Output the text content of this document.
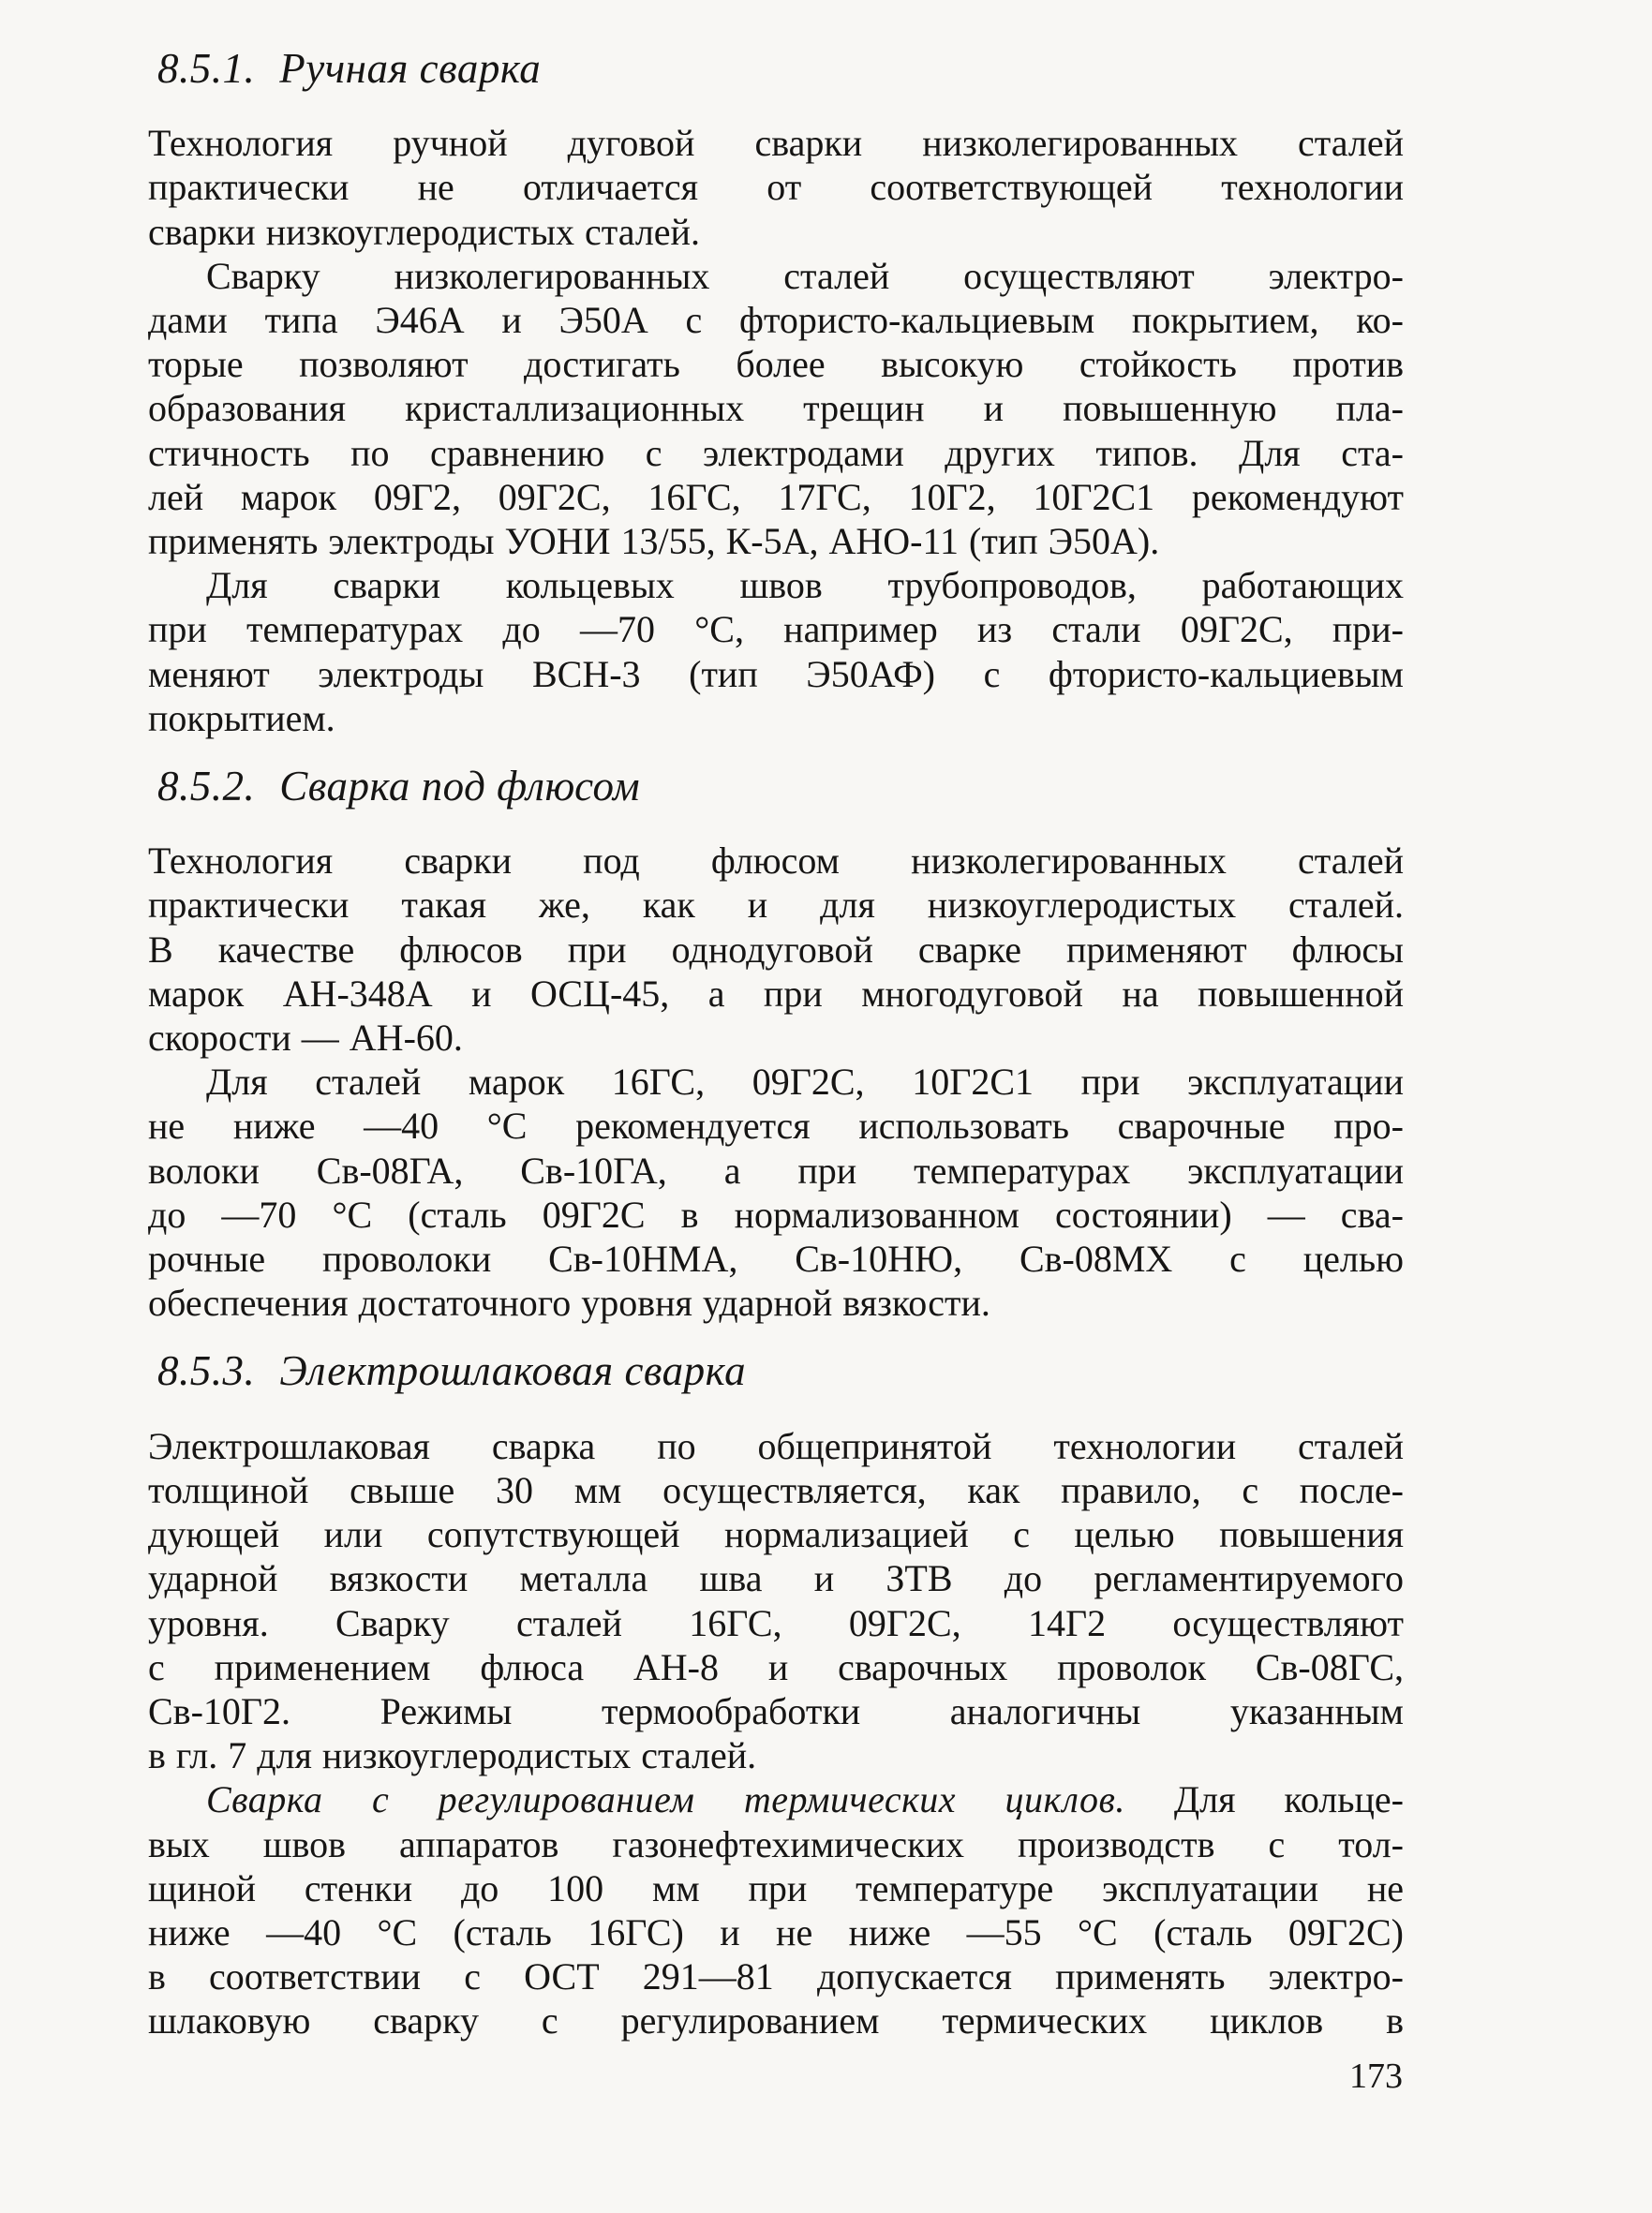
8.5.1. Ручная сварка
Технология ручной дуговой сварки низколегированных сталей
практически не отличается от соответствующей технологии
сварки низкоуглеродистых сталей.
Сварку низколегированных сталей осуществляют электро-
дами типа Э46А и Э50А с фтористо-кальциевым покрытием, ко-
торые позволяют достигать более высокую стойкость против
образования кристаллизационных трещин и повышенную пла-
стичность по сравнению с электродами других типов. Для ста-
лей марок 09Г2, 09Г2С, 16ГС, 17ГС, 10Г2, 10Г2С1 рекомендуют
применять электроды УОНИ 13/55, К-5А, АНО-11 (тип Э50А).
Для сварки кольцевых швов трубопроводов, работающих
при температурах до —70 °С, например из стали 09Г2С, при-
меняют электроды ВСН-3 (тип Э50АФ) с фтористо-кальциевым
покрытием.
8.5.2. Сварка под флюсом
Технология сварки под флюсом низколегированных сталей
практически такая же, как и для низкоуглеродистых сталей.
В качестве флюсов при однодуговой сварке применяют флюсы
марок АН-348А и ОСЦ-45, а при многодуговой на повышенной
скорости — АН-60.
Для сталей марок 16ГС, 09Г2С, 10Г2С1 при эксплуатации
не ниже —40 °С рекомендуется использовать сварочные про-
волоки Св-08ГА, Св-10ГА, а при температурах эксплуатации
до —70 °С (сталь 09Г2С в нормализованном состоянии) — сва-
рочные проволоки Св-10НМА, Св-10НЮ, Св-08МХ с целью
обеспечения достаточного уровня ударной вязкости.
8.5.3. Электрошлаковая сварка
Электрошлаковая сварка по общепринятой технологии сталей
толщиной свыше 30 мм осуществляется, как правило, с после-
дующей или сопутствующей нормализацией с целью повышения
ударной вязкости металла шва и ЗТВ до регламентируемого
уровня. Сварку сталей 16ГС, 09Г2С, 14Г2 осуществляют
с применением флюса АН-8 и сварочных проволок Св-08ГС,
Св-10Г2. Режимы термообработки аналогичны указанным
в гл. 7 для низкоуглеродистых сталей.
Сварка с регулированием термических циклов. Для кольце-
вых швов аппаратов газонефтехимических производств с тол-
щиной стенки до 100 мм при температуре эксплуатации не
ниже —40 °С (сталь 16ГС) и не ниже —55 °С (сталь 09Г2С)
в соответствии с ОСТ 291—81 допускается применять электро-
шлаковую сварку с регулированием термических циклов в
173
